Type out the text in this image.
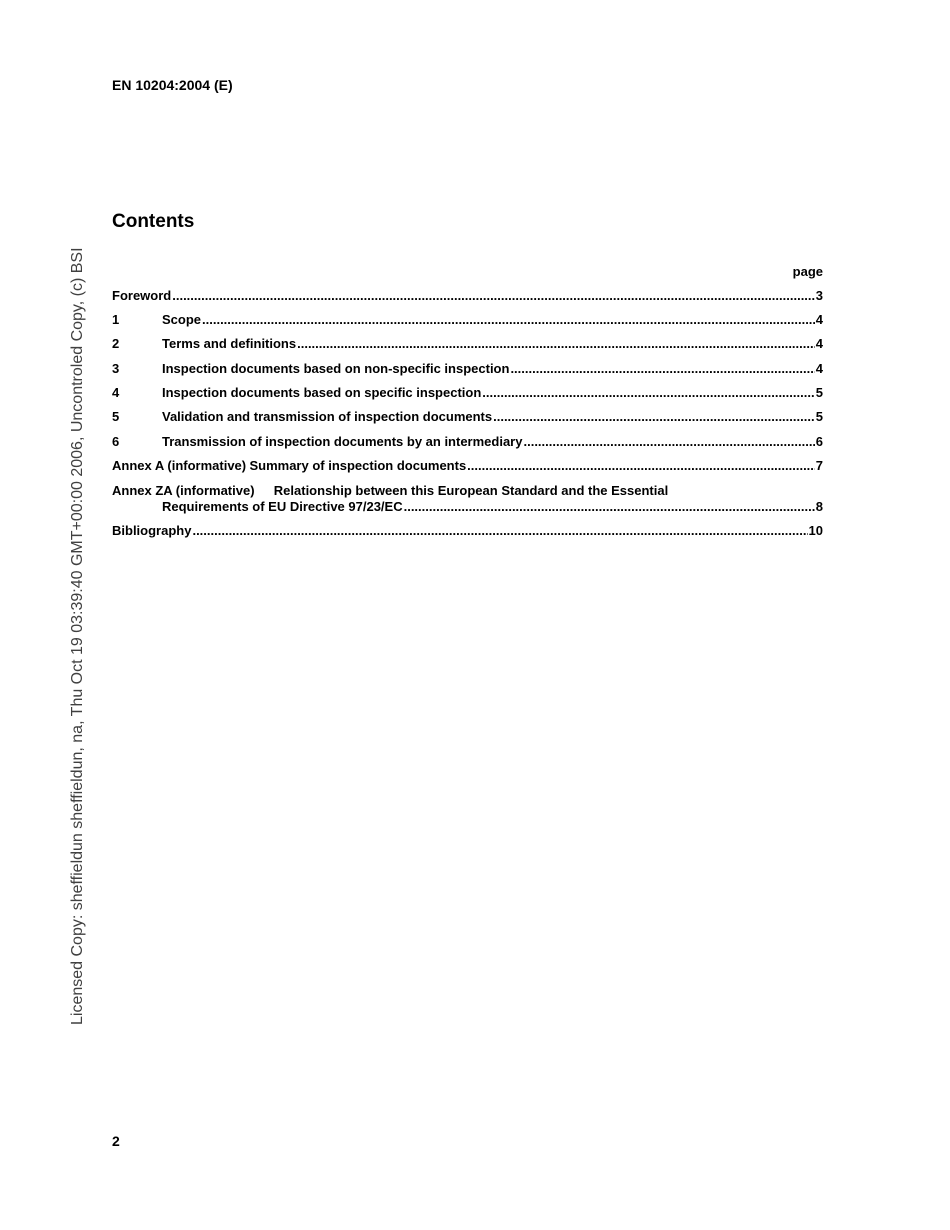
EN 10204:2004 (E)
Licensed Copy: sheffieldun sheffieldun, na, Thu Oct 19 03:39:40 GMT+00:00 2006, Uncontroled Copy, (c) BSI
Contents
page
Foreword .....	3
1	Scope .....	4
2	Terms and definitions .....	4
3	Inspection documents based on non-specific inspection .....	4
4	Inspection documents based on specific inspection .....	5
5	Validation and transmission of inspection documents .....	5
6	Transmission of inspection documents by an intermediary .....	6
Annex A (informative) Summary of inspection documents .....	7
Annex ZA (informative) Relationship between this European Standard and the Essential
Requirements of EU Directive 97/23/EC .....	8
Bibliography .....	10
2
